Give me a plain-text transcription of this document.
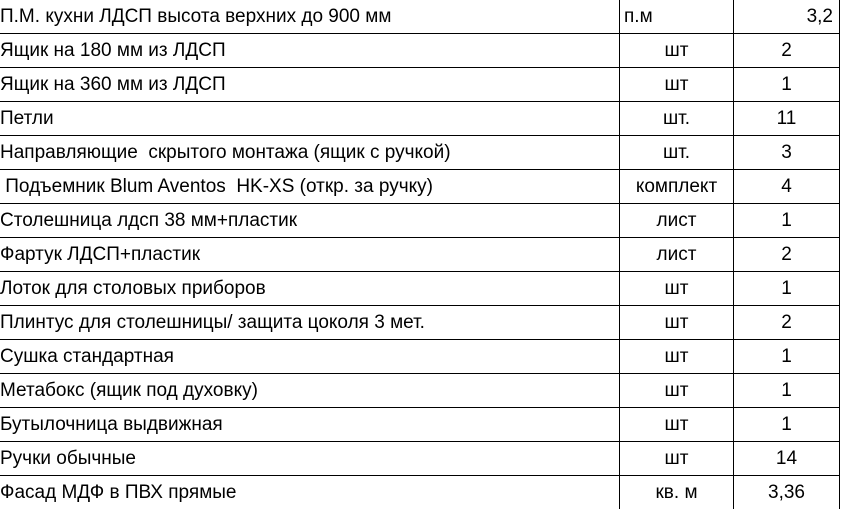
П.М. кухни ЛДСП высота верхних до 900 мм	п.м	3,2
Ящик на 180 мм из ЛДСП	шт	2
Ящик на 360 мм из ЛДСП	шт	1
Петли	шт.	11
Направляющие  скрытого монтажа (ящик с ручкой)	шт.	3
Подъемник Blum Aventos  HK-XS (откр. за ручку)	комплект	4
Столешница лдсп 38 мм+пластик	лист	1
Фартук ЛДСП+пластик	лист	2
Лоток для столовых приборов	шт	1
Плинтус для столешницы/ защита цоколя 3 мет.	шт	2
Сушка стандартная	шт	1
Метабокс (ящик под духовку)	шт	1
Бутылочница выдвижная	шт	1
Ручки обычные	шт	14
Фасад МДФ в ПВХ прямые	кв. м	3,36
